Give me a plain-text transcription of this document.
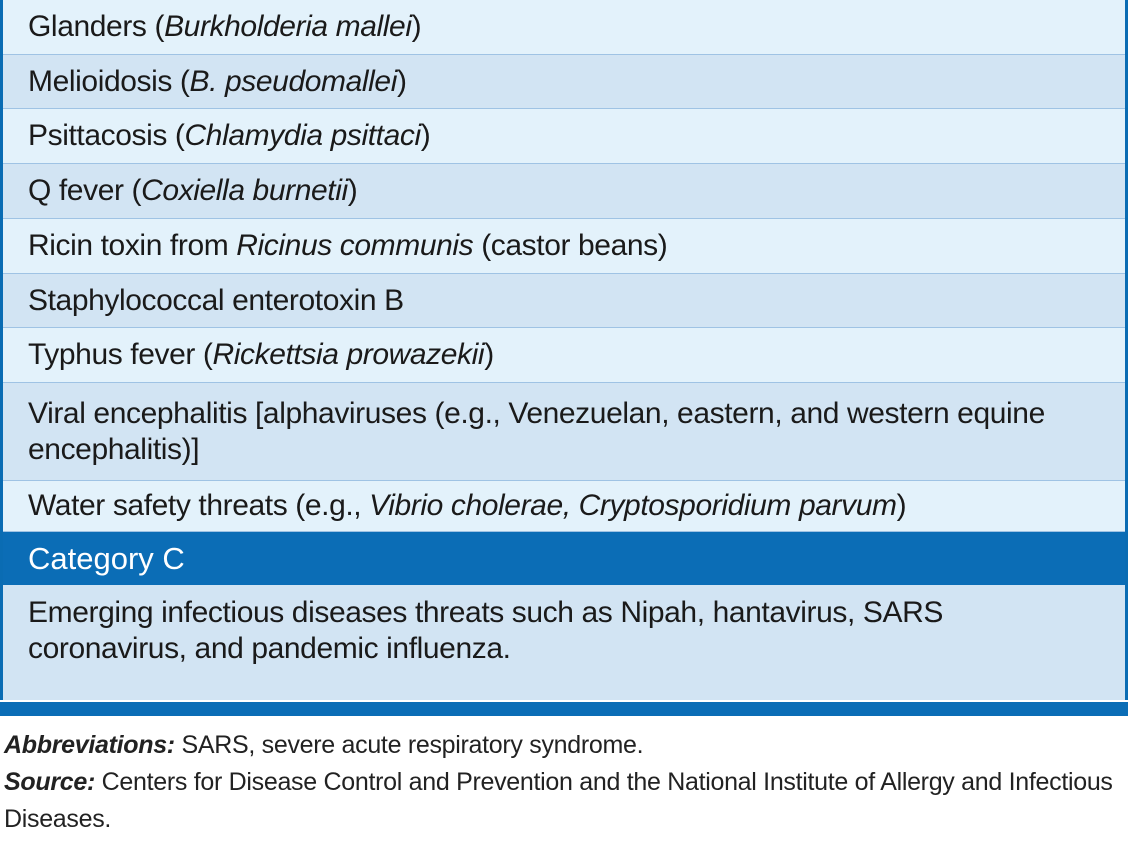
Glanders (Burkholderia mallei)
Melioidosis (B. pseudomallei)
Psittacosis (Chlamydia psittaci)
Q fever (Coxiella burnetii)
Ricin toxin from Ricinus communis (castor beans)
Staphylococcal enterotoxin B
Typhus fever (Rickettsia prowazekii)
Viral encephalitis [alphaviruses (e.g., Venezuelan, eastern, and western equine encephalitis)]
Water safety threats (e.g., Vibrio cholerae, Cryptosporidium parvum)
Category C
Emerging infectious diseases threats such as Nipah, hantavirus, SARS coronavirus, and pandemic influenza.
Abbreviations: SARS, severe acute respiratory syndrome.
Source: Centers for Disease Control and Prevention and the National Institute of Allergy and Infectious Diseases.
